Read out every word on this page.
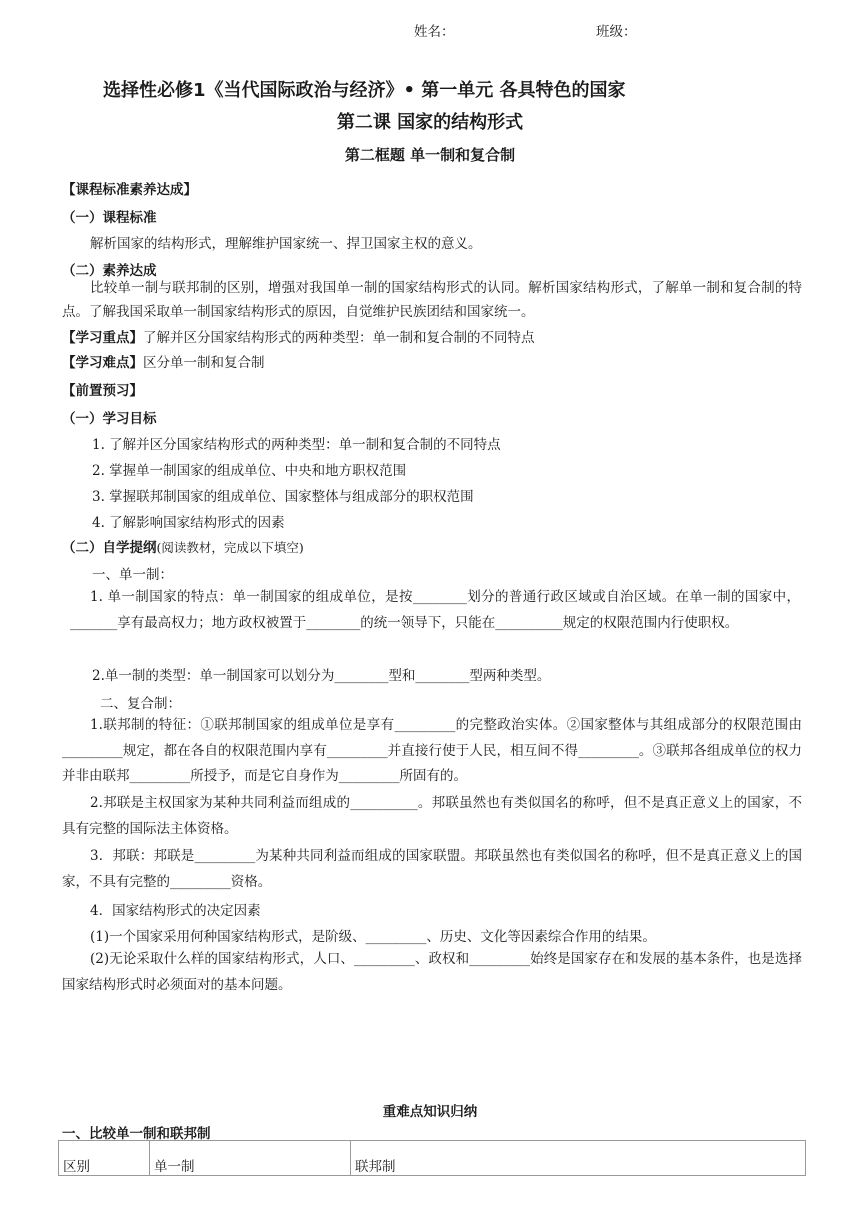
姓名：	班级：
选择性必修1《当代国际政治与经济》• 第一单元 各具特色的国家
第二课 国家的结构形式
第二框题 单一制和复合制
【课程标准素养达成】
（一）课程标准
解析国家的结构形式，理解维护国家统一、捍卫国家主权的意义。
（二）素养达成
比较单一制与联邦制的区别，增强对我国单一制的国家结构形式的认同。解析国家结构形式，了解单一制和复合制的特点。了解我国采取单一制国家结构形式的原因，自觉维护民族团结和国家统一。
【学习重点】了解并区分国家结构形式的两种类型：单一制和复合制的不同特点
【学习难点】区分单一制和复合制
【前置预习】
（一）学习目标
1. 了解并区分国家结构形式的两种类型：单一制和复合制的不同特点
2. 掌握单一制国家的组成单位、中央和地方职权范围
3. 掌握联邦制国家的组成单位、国家整体与组成部分的职权范围
4. 了解影响国家结构形式的因素
（二）自学提纲(阅读教材，完成以下填空)
一、单一制：
1. 单一制国家的特点：单一制国家的组成单位，是按________划分的普通行政区域或自治区域。在单一制的国家中，_______享有最高权力；地方政权被置于________的统一领导下，只能在__________规定的权限范围内行使职权。
2.单一制的类型：单一制国家可以划分为________型和________型两种类型。
二、复合制：
1.联邦制的特征：①联邦制国家的组成单位是享有_________的完整政治实体。②国家整体与其组成部分的权限范围由_________规定，都在各自的权限范围内享有_________并直接行使于人民，相互间不得_________。③联邦各组成单位的权力并非由联邦_________所授予，而是它自身作为_________所固有的。
2.邦联是主权国家为某种共同利益而组成的__________。邦联虽然也有类似国名的称呼，但不是真正意义上的国家，不具有完整的国际法主体资格。
3．邦联：邦联是_________为某种共同利益而组成的国家联盟。邦联虽然也有类似国名的称呼，但不是真正意义上的国家，不具有完整的_________资格。
4．国家结构形式的决定因素
(1)一个国家采用何种国家结构形式，是阶级、_________、历史、文化等因素综合作用的结果。
(2)无论采取什么样的国家结构形式，人口、_________、政权和_________始终是国家存在和发展的基本条件，也是选择国家结构形式时必须面对的基本问题。
重难点知识归纳
一、比较单一制和联邦制
区别	单一制	联邦制
